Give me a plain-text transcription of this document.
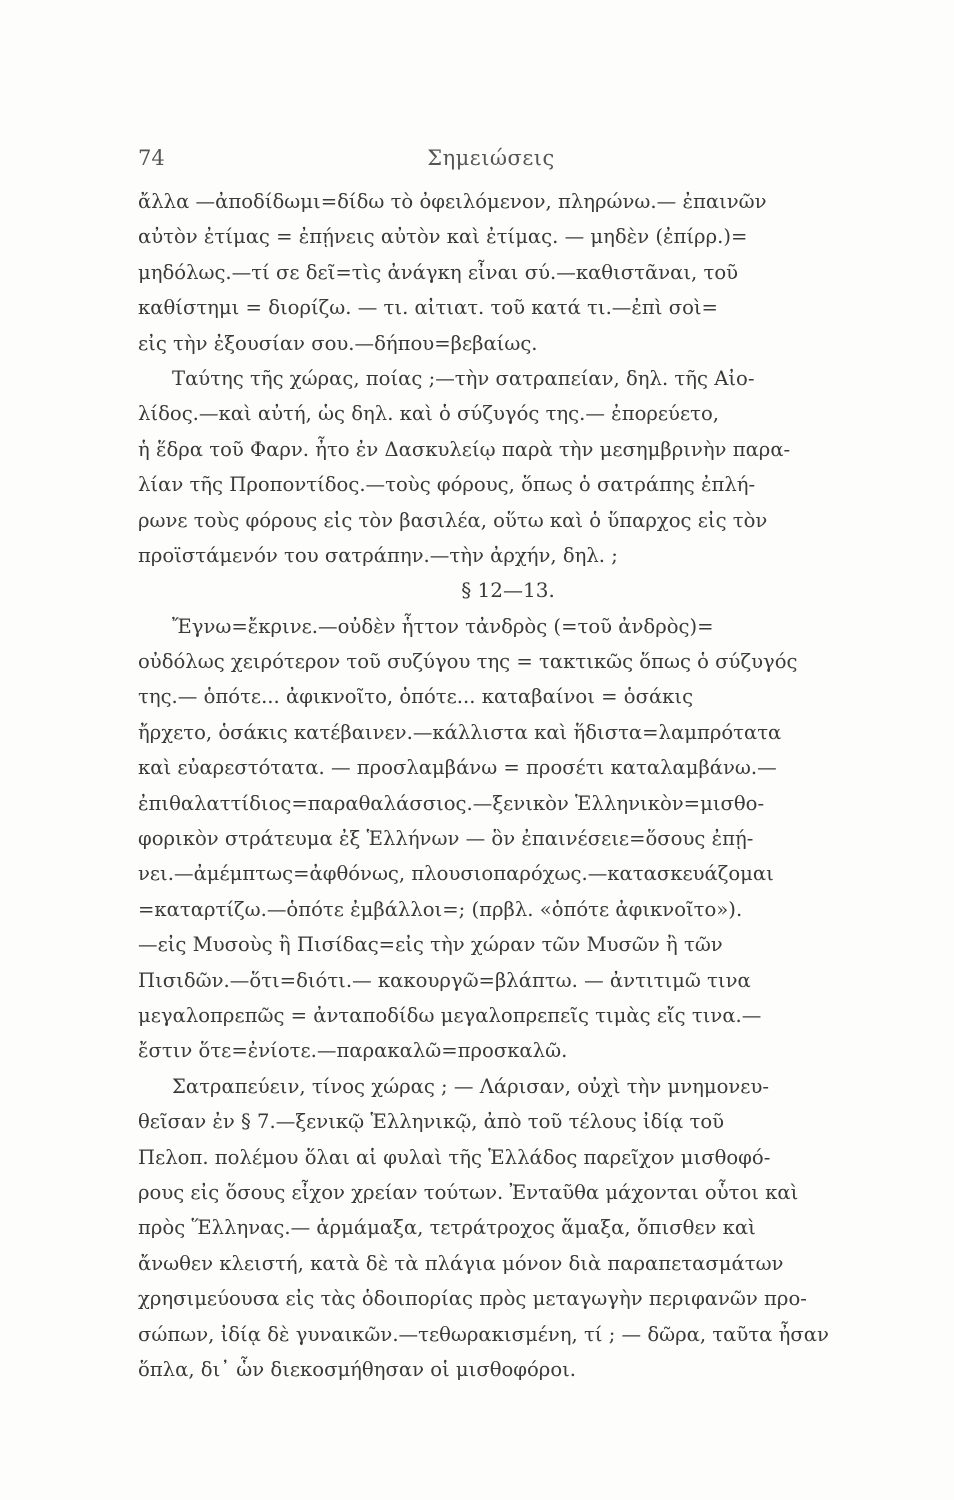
74	Σημειώσεις
ἄλλα —ἀποδίδωμι=δίδω τὸ ὀφειλόμενον, πληρώνω.— ἐπαινῶν
αὐτὸν ἐτίμας = ἐπῄνεις αὐτὸν καὶ ἐτίμας. — μηδὲν (ἐπίρρ.)=
μηδόλως.—τί σε δεῖ=τὶς ἀνάγκη εἶναι σύ.—καθιστᾶναι, τοῦ
καθίστημι = διορίζω. — τι. αἰτιατ. τοῦ κατά τι.—ἐπὶ σοὶ=
εἰς τὴν ἐξουσίαν σου.—δήπου=βεβαίως.
Ταύτης τῆς χώρας, ποίας ;—τὴν σατραπείαν, δηλ. τῆς Αἰο-
λίδος.—καὶ αὐτή, ὡς δηλ. καὶ ὁ σύζυγός της.— ἐπορεύετο,
ἡ ἕδρα τοῦ Φαρν. ἦτο ἐν Δασκυλείῳ παρὰ τὴν μεσημβρινὴν παρα-
λίαν τῆς Προποντίδος.—τοὺς φόρους, ὅπως ὁ σατράπης ἐπλή-
ρωνε τοὺς φόρους εἰς τὸν βασιλέα, οὕτω καὶ ὁ ὕπαρχος εἰς τὸν
προϊστάμενόν του σατράπην.—τὴν ἀρχήν, δηλ. ;
§ 12—13.
Ἔγνω=ἔκρινε.—οὐδὲν ἧττον τἀνδρὸς (=τοῦ ἀνδρὸς)=
οὐδόλως χειρότερον τοῦ συζύγου της = τακτικῶς ὅπως ὁ σύζυγός
της.— ὁπότε... ἀφικνοῖτο, ὁπότε... καταβαίνοι = ὁσάκις
ἤρχετο, ὁσάκις κατέβαινεν.—κάλλιστα καὶ ἥδιστα=λαμπρότατα
καὶ εὐαρεστότατα. — προσλαμβάνω = προσέτι καταλαμβάνω.—
ἐπιθαλαττίδιος=παραθαλάσσιος.—ξενικὸν Ἑλληνικὸν=μισθο-
φορικὸν στράτευμα ἐξ Ἑλλήνων — ὃν ἐπαινέσειε=ὅσους ἐπῄ-
νει.—ἀμέμπτως=ἀφθόνως, πλουσιοπαρόχως.—κατασκευάζομαι
=καταρτίζω.—ὁπότε ἐμβάλλοι=; (πρβλ. «ὁπότε ἀφικνοῖτο»).
—εἰς Μυσοὺς ἢ Πισίδας=εἰς τὴν χώραν τῶν Μυσῶν ἢ τῶν
Πισιδῶν.—ὅτι=διότι.— κακουργῶ=βλάπτω. — ἀντιτιμῶ τινα
μεγαλοπρεπῶς = ἀνταποδίδω μεγαλοπρεπεῖς τιμὰς εἴς τινα.—
ἔστιν ὅτε=ἐνίοτε.—παρακαλῶ=προσκαλῶ.
Σατραπεύειν, τίνος χώρας ; — Λάρισαν, οὐχὶ τὴν μνημονευ-
θεῖσαν ἐν § 7.—ξενικῷ Ἑλληνικῷ, ἀπὸ τοῦ τέλους ἰδίᾳ τοῦ
Πελοπ. πολέμου ὅλαι αἱ φυλαὶ τῆς Ἑλλάδος παρεῖχον μισθοφό-
ρους εἰς ὅσους εἶχον χρείαν τούτων. Ἐνταῦθα μάχονται οὗτοι καὶ
πρὸς Ἕλληνας.— ἁρμάμαξα, τετράτροχος ἅμαξα, ὄπισθεν καὶ
ἄνωθεν κλειστή, κατὰ δὲ τὰ πλάγια μόνον διὰ παραπετασμάτων
χρησιμεύουσα εἰς τὰς ὁδοιπορίας πρὸς μεταγωγὴν περιφανῶν προ-
σώπων, ἰδίᾳ δὲ γυναικῶν.—τεθωρακισμένη, τί ; — δῶρα, ταῦτα ἦσαν
ὅπλα, δι᾽ ὧν διεκοσμήθησαν οἱ μισθοφόροι.
